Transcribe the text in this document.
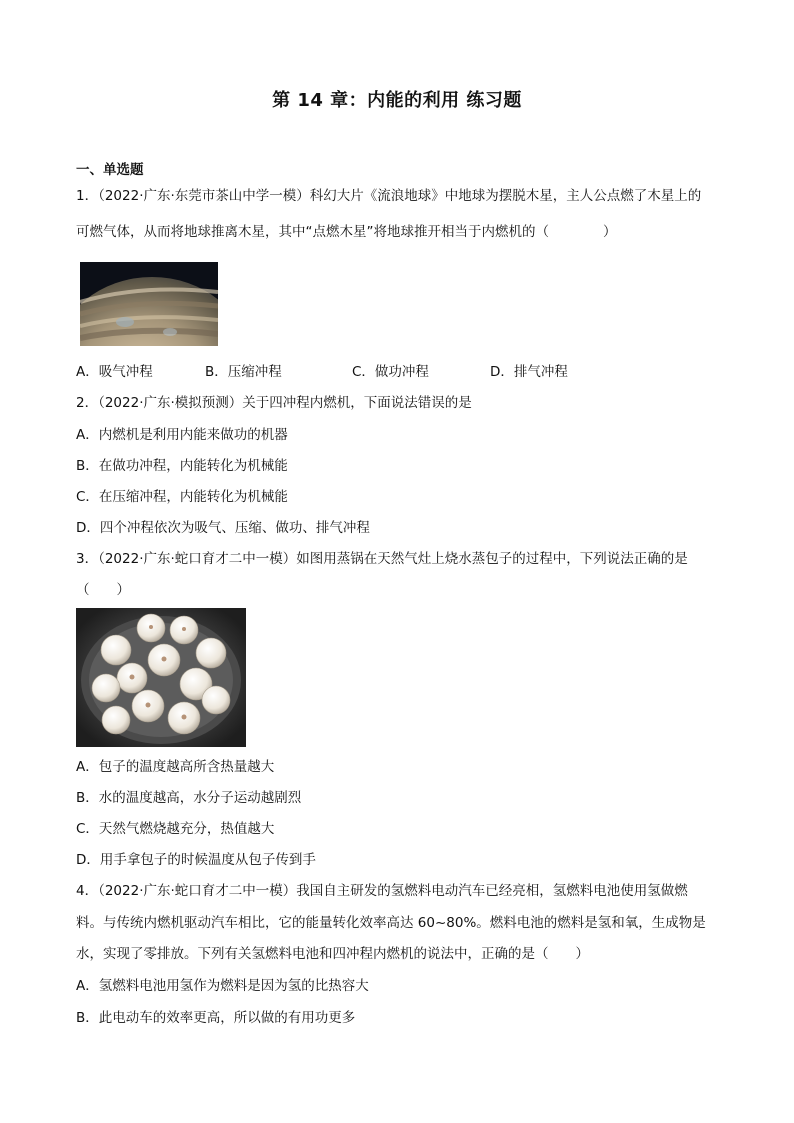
第 14 章：内能的利用 练习题
一、单选题
1．（2022·广东·东莞市茶山中学一模）科幻大片《流浪地球》中地球为摆脱木星，主人公点燃了木星上的
可燃气体，从而将地球推离木星，其中“点燃木星”将地球推开相当于内燃机的（　　　　）
A．吸气冲程	B．压缩冲程	C．做功冲程	D．排气冲程
2．（2022·广东·模拟预测）关于四冲程内燃机，下面说法错误的是
A．内燃机是利用内能来做功的机器
B．在做功冲程，内能转化为机械能
C．在压缩冲程，内能转化为机械能
D．四个冲程依次为吸气、压缩、做功、排气冲程
3．（2022·广东·蛇口育才二中一模）如图用蒸锅在天然气灶上烧水蒸包子的过程中，下列说法正确的是
（　　）
A．包子的温度越高所含热量越大
B．水的温度越高，水分子运动越剧烈
C．天然气燃烧越充分，热值越大
D．用手拿包子的时候温度从包子传到手
4．（2022·广东·蛇口育才二中一模）我国自主研发的氢燃料电动汽车已经亮相，氢燃料电池使用氢做燃
料。与传统内燃机驱动汽车相比，它的能量转化效率高达 60~80%。燃料电池的燃料是氢和氧，生成物是
水，实现了零排放。下列有关氢燃料电池和四冲程内燃机的说法中，正确的是（　　）
A．氢燃料电池用氢作为燃料是因为氢的比热容大
B．此电动车的效率更高，所以做的有用功更多
